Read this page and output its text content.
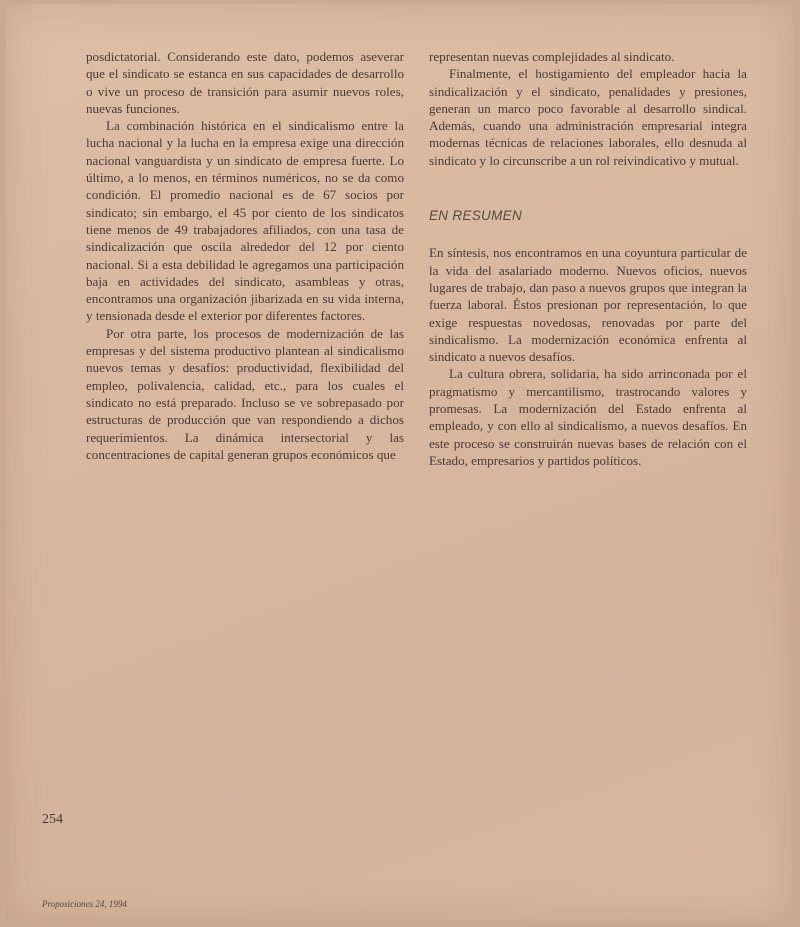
posdictatorial. Considerando este dato, podemos aseverar que el sindicato se estanca en sus capacidades de desarrollo o vive un proceso de transición para asumir nuevos roles, nuevas funciones.

La combinación histórica en el sindicalismo entre la lucha nacional y la lucha en la empresa exige una dirección nacional vanguardista y un sindicato de empresa fuerte. Lo último, a lo menos, en términos numéricos, no se da como condición. El promedio nacional es de 67 socios por sindicato; sin embargo, el 45 por ciento de los sindicatos tiene menos de 49 trabajadores afiliados, con una tasa de sindicalización que oscila alrededor del 12 por ciento nacional. Si a esta debilidad le agregamos una participación baja en actividades del sindicato, asambleas y otras, encontramos una organización jibarizada en su vida interna, y tensionada desde el exterior por diferentes factores.

Por otra parte, los procesos de modernización de las empresas y del sistema productivo plantean al sindicalismo nuevos temas y desafíos: productividad, flexibilidad del empleo, polivalencia, calidad, etc., para los cuales el sindicato no está preparado. Incluso se ve sobrepasado por estructuras de producción que van respondiendo a dichos requerimientos. La dinámica intersectorial y las concentraciones de capital generan grupos económicos que

representan nuevas complejidades al sindicato.

Finalmente, el hostigamiento del empleador hacia la sindicalización y el sindicato, penalidades y presiones, generan un marco poco favorable al desarrollo sindical. Además, cuando una administración empresarial integra modernas técnicas de relaciones laborales, ello desnuda al sindicato y lo circunscribe a un rol reivindicativo y mutual.

EN RESUMEN

En síntesis, nos encontramos en una coyuntura particular de la vida del asalariado moderno. Nuevos oficios, nuevos lugares de trabajo, dan paso a nuevos grupos que integran la fuerza laboral. Éstos presionan por representación, lo que exige respuestas novedosas, renovadas por parte del sindicalismo. La modernización económica enfrenta al sindicato a nuevos desafíos.

La cultura obrera, solidaria, ha sido arrinconada por el pragmatismo y mercantilismo, trastrocando valores y promesas. La modernización del Estado enfrenta al empleado, y con ello al sindicalismo, a nuevos desafíos. En este proceso se construirán nuevas bases de relación con el Estado, empresarios y partidos políticos.

254
Proposiciones 24, 1994
